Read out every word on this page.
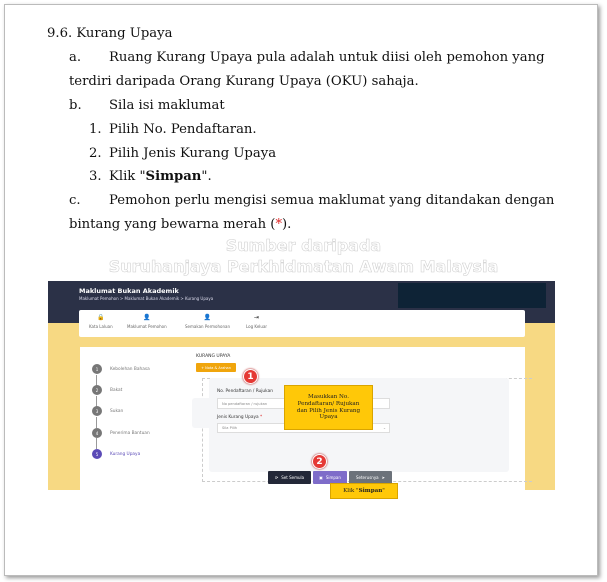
9.6. Kurang Upaya
a. Ruang Kurang Upaya pula adalah untuk diisi oleh pemohon yang
terdiri daripada Orang Kurang Upaya (OKU) sahaja.
b. Sila isi maklumat
1. Pilih No. Pendaftaran.
2. Pilih Jenis Kurang Upaya
3. Klik "Simpan".
c. Pemohon perlu mengisi semua maklumat yang ditandakan dengan
bintang yang bewarna merah (*).
Maklumat Bukan Akademik
Maklumat Pemohon > Maklumat Bukan Akademik > Kurang Upaya
🔒
Kata Laluan
👤
Maklumat Pemohon
👤
Semakan Permohonan
⇥
Log Keluar
1	Kebolehan Bahasa
2	Bakat
3	Sukan
4	Penerima Bantuan
5	Kurang Upaya
KURANG UPAYA
+ Nota & Arahan
No. Pendaftaran / Rujukan
No pendaftaran / rujukan
Jenis Kurang Upaya *
Sila Pilih	⌄
⟳ Set Semula	▣ Simpan	Seterusnya ➤
1
2
Masukkan No. Pendaftaran/ Rujukan dan Pilih Jenis Kurang Upaya
Klik " Simpan "
Sumber daripada
Suruhanjaya Perkhidmatan Awam Malaysia
